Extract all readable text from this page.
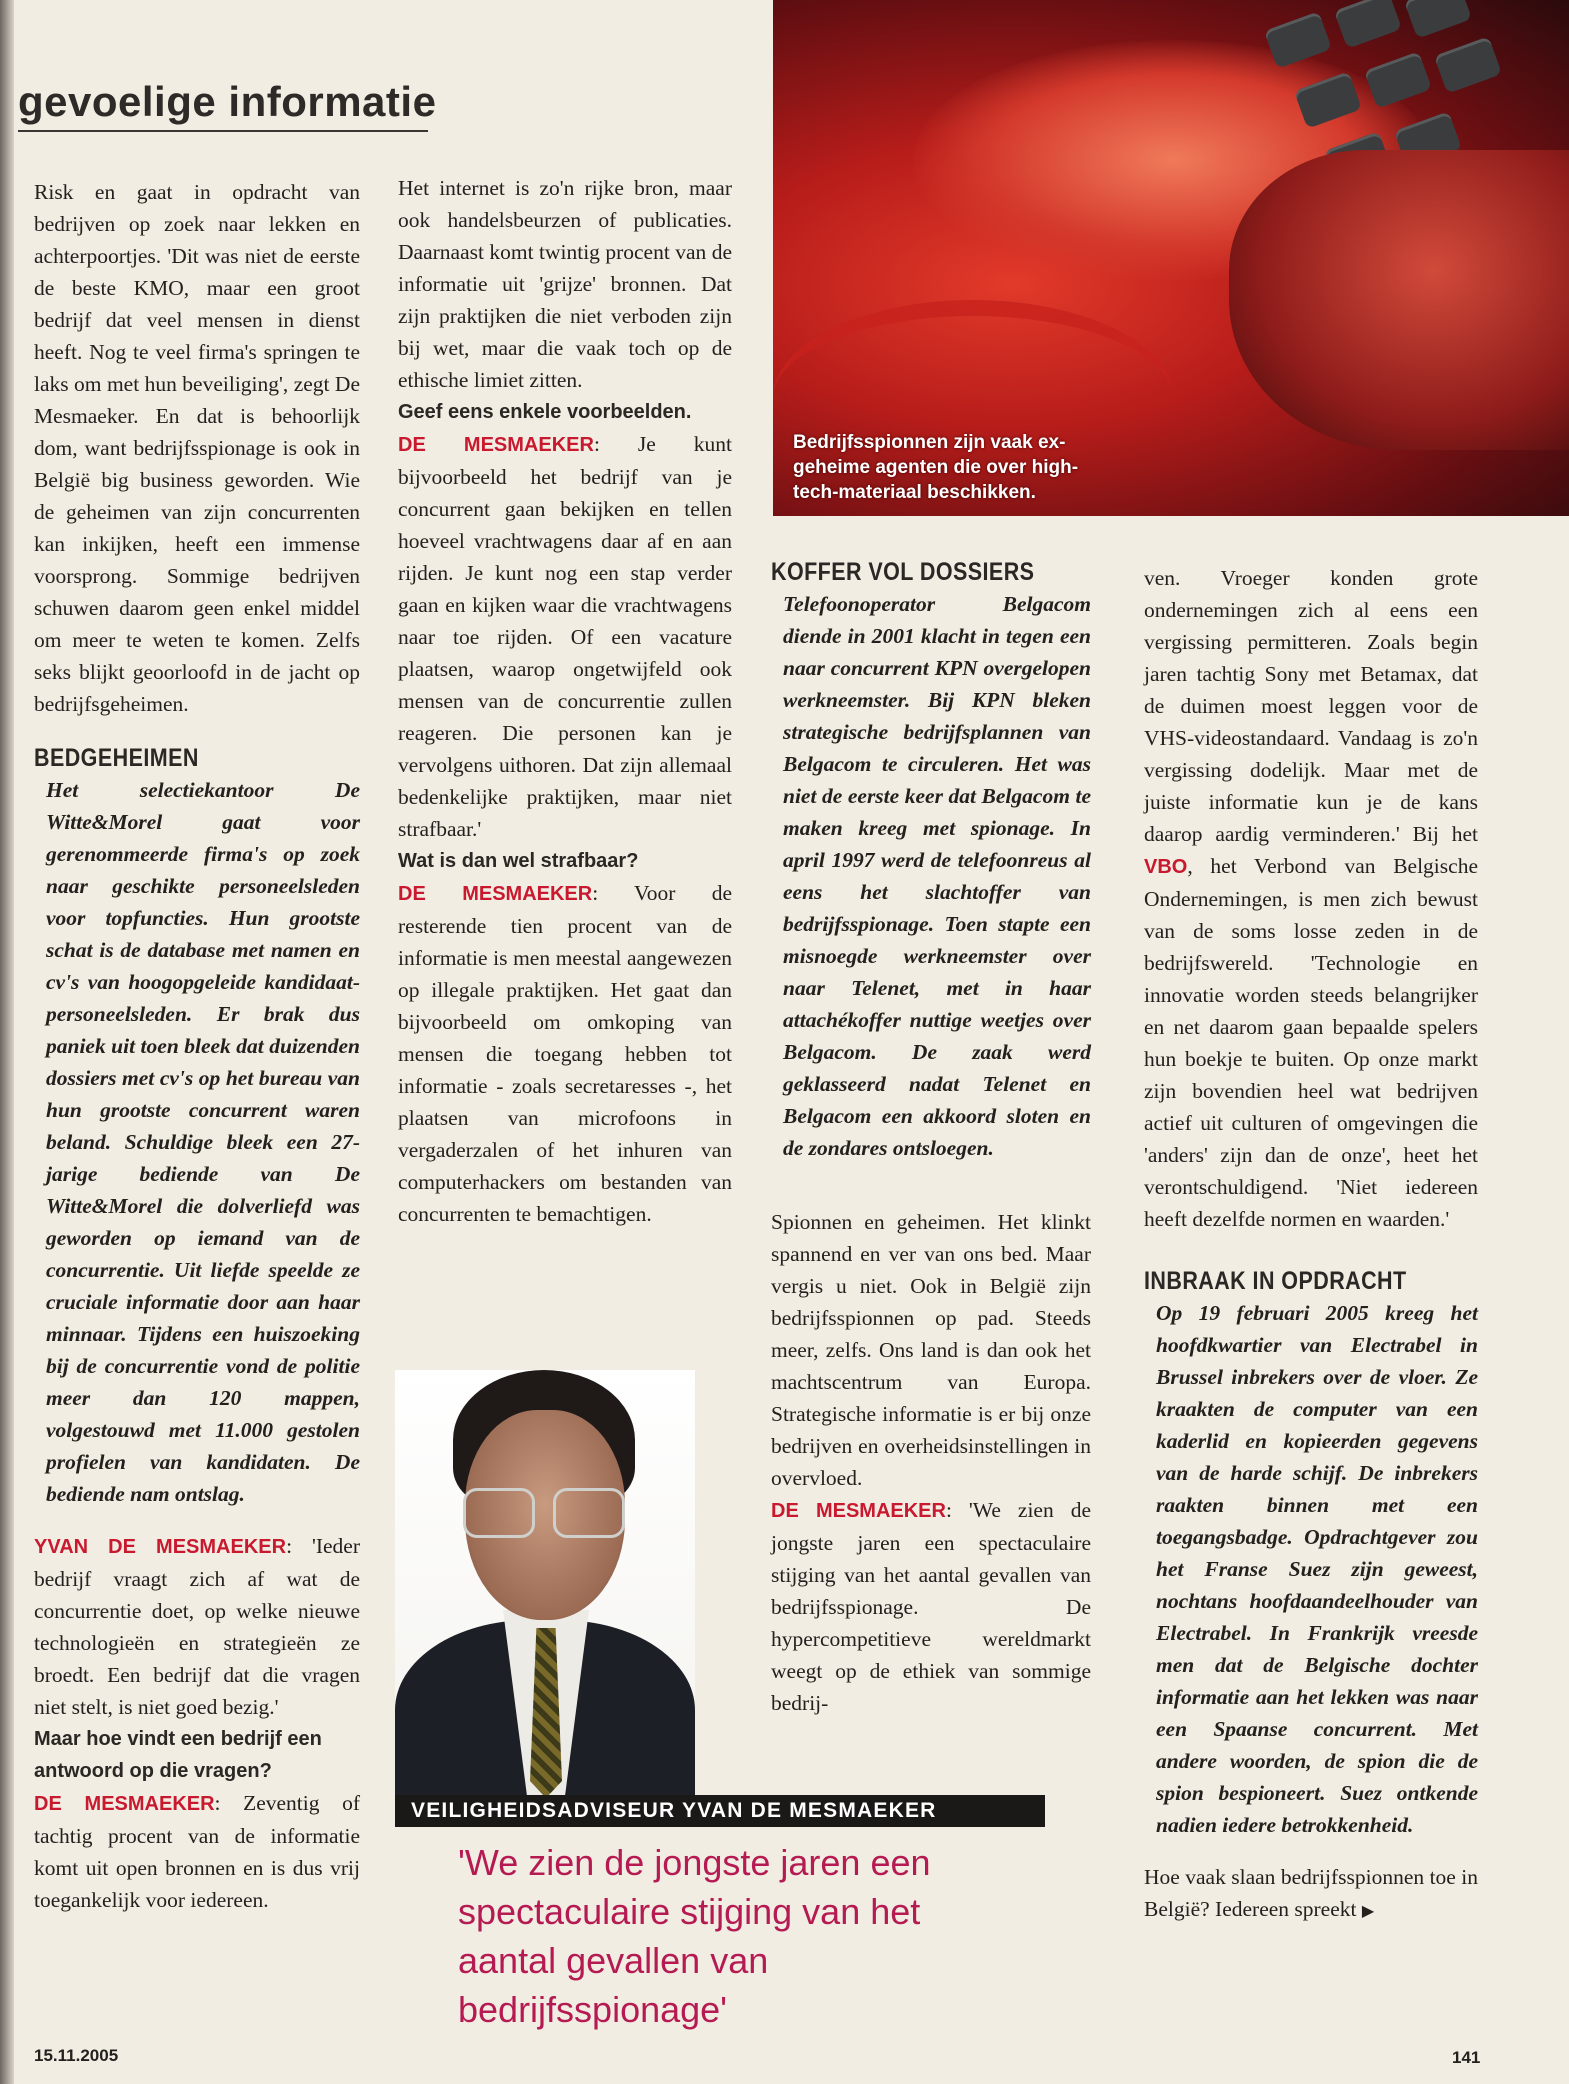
gevoelige informatie

Risk en gaat in opdracht van bedrijven op zoek naar lekken en achterpoortjes. 'Dit was niet de eerste de beste KMO, maar een groot bedrijf dat veel mensen in dienst heeft. Nog te veel firma's springen te laks om met hun beveiliging', zegt De Mesmaeker. En dat is behoorlijk dom, want bedrijfsspionage is ook in België big business geworden. Wie de geheimen van zijn concurrenten kan inkijken, heeft een immense voorsprong. Sommige bedrijven schuwen daarom geen enkel middel om meer te weten te komen. Zelfs seks blijkt geoorloofd in de jacht op bedrijfsgeheimen.

BEDGEHEIMEN

Het selectiekantoor De Witte&Morel gaat voor gerenommeerde firma's op zoek naar geschikte personeelsleden voor topfuncties. Hun grootste schat is de database met namen en cv's van hoogopgeleide kandidaat-personeelsleden. Er brak dus paniek uit toen bleek dat duizenden dossiers met cv's op het bureau van hun grootste concurrent waren beland. Schuldige bleek een 27-jarige bediende van De Witte&Morel die dolverliefd was geworden op iemand van de concurrentie. Uit liefde speelde ze cruciale informatie door aan haar minnaar. Tijdens een huiszoeking bij de concurrentie vond de politie meer dan 120 mappen, volgestouwd met 11.000 gestolen profielen van kandidaten. De bediende nam ontslag.

YVAN DE MESMAEKER: 'Ieder bedrijf vraagt zich af wat de concurrentie doet, op welke nieuwe technologieën en strategieën ze broedt. Een bedrijf dat die vragen niet stelt, is niet goed bezig.'

Maar hoe vindt een bedrijf een antwoord op die vragen?

DE MESMAEKER: Zeventig of tachtig procent van de informatie komt uit open bronnen en is dus vrij toegankelijk voor iedereen.

Het internet is zo'n rijke bron, maar ook handelsbeurzen of publicaties. Daarnaast komt twintig procent van de informatie uit 'grijze' bronnen. Dat zijn praktijken die niet verboden zijn bij wet, maar die vaak toch op de ethische limiet zitten.

Geef eens enkele voorbeelden.

DE MESMAEKER: Je kunt bijvoorbeeld het bedrijf van je concurrent gaan bekijken en tellen hoeveel vrachtwagens daar af en aan rijden. Je kunt nog een stap verder gaan en kijken waar die vrachtwagens naar toe rijden. Of een vacature plaatsen, waarop ongetwijfeld ook mensen van de concurrentie zullen reageren. Die personen kan je vervolgens uithoren. Dat zijn allemaal bedenkelijke praktijken, maar niet strafbaar.'

Wat is dan wel strafbaar?

DE MESMAEKER: Voor de resterende tien procent van de informatie is men meestal aangewezen op illegale praktijken. Het gaat dan bijvoorbeeld om omkoping van mensen die toegang hebben tot informatie - zoals secretaresses -, het plaatsen van microfoons in vergaderzalen of het inhuren van computerhackers om bestanden van concurrenten te bemachtigen.

Bedrijfsspionnen zijn vaak ex-geheime agenten die over high-tech-materiaal beschikken.
KOFFER VOL DOSSIERS

Telefoonoperator Belgacom diende in 2001 klacht in tegen een naar concurrent KPN overgelopen werkneemster. Bij KPN bleken strategische bedrijfsplannen van Belgacom te circuleren. Het was niet de eerste keer dat Belgacom te maken kreeg met spionage. In april 1997 werd de telefoonreus al eens het slachtoffer van bedrijfsspionage. Toen stapte een misnoegde werkneemster over naar Telenet, met in haar attachékoffer nuttige weetjes over Belgacom. De zaak werd geklasseerd nadat Telenet en Belgacom een akkoord sloten en de zondares ontsloegen.

Spionnen en geheimen. Het klinkt spannend en ver van ons bed. Maar vergis u niet. Ook in België zijn bedrijfsspionnen op pad. Steeds meer, zelfs. Ons land is dan ook het machtscentrum van Europa. Strategische informatie is er bij onze bedrijven en overheidsinstellingen in overvloed.

DE MESMAEKER: 'We zien de jongste jaren een spectaculaire stijging van het aantal gevallen van bedrijfsspionage. De hypercompetitieve wereldmarkt weegt op de ethiek van sommige bedrij-

ven. Vroeger konden grote ondernemingen zich al eens een vergissing permitteren. Zoals begin jaren tachtig Sony met Betamax, dat de duimen moest leggen voor de VHS-videostandaard. Vandaag is zo'n vergissing dodelijk. Maar met de juiste informatie kun je de kans daarop aardig verminderen.' Bij het VBO, het Verbond van Belgische Ondernemingen, is men zich bewust van de soms losse zeden in de bedrijfswereld. 'Technologie en innovatie worden steeds belangrijker en net daarom gaan bepaalde spelers hun boekje te buiten. Op onze markt zijn bovendien heel wat bedrijven actief uit culturen of omgevingen die 'anders' zijn dan de onze', heet het verontschuldigend. 'Niet iedereen heeft dezelfde normen en waarden.'

INBRAAK IN OPDRACHT

Op 19 februari 2005 kreeg het hoofdkwartier van Electrabel in Brussel inbrekers over de vloer. Ze kraakten de computer van een kaderlid en kopieerden gegevens van de harde schijf. De inbrekers raakten binnen met een toegangsbadge. Opdrachtgever zou het Franse Suez zijn geweest, nochtans hoofdaandeelhouder van Electrabel. In Frankrijk vreesde men dat de Belgische dochter informatie aan het lekken was naar een Spaanse concurrent. Met andere woorden, de spion die de spion bespioneert. Suez ontkende nadien iedere betrokkenheid.

Hoe vaak slaan bedrijfsspionnen toe in België? Iedereen spreekt ▶

VEILIGHEIDSADVISEUR YVAN DE MESMAEKER
'We zien de jongste jaren een spectaculaire stijging van het aantal gevallen van bedrijfsspionage'
15.11.2005	141
